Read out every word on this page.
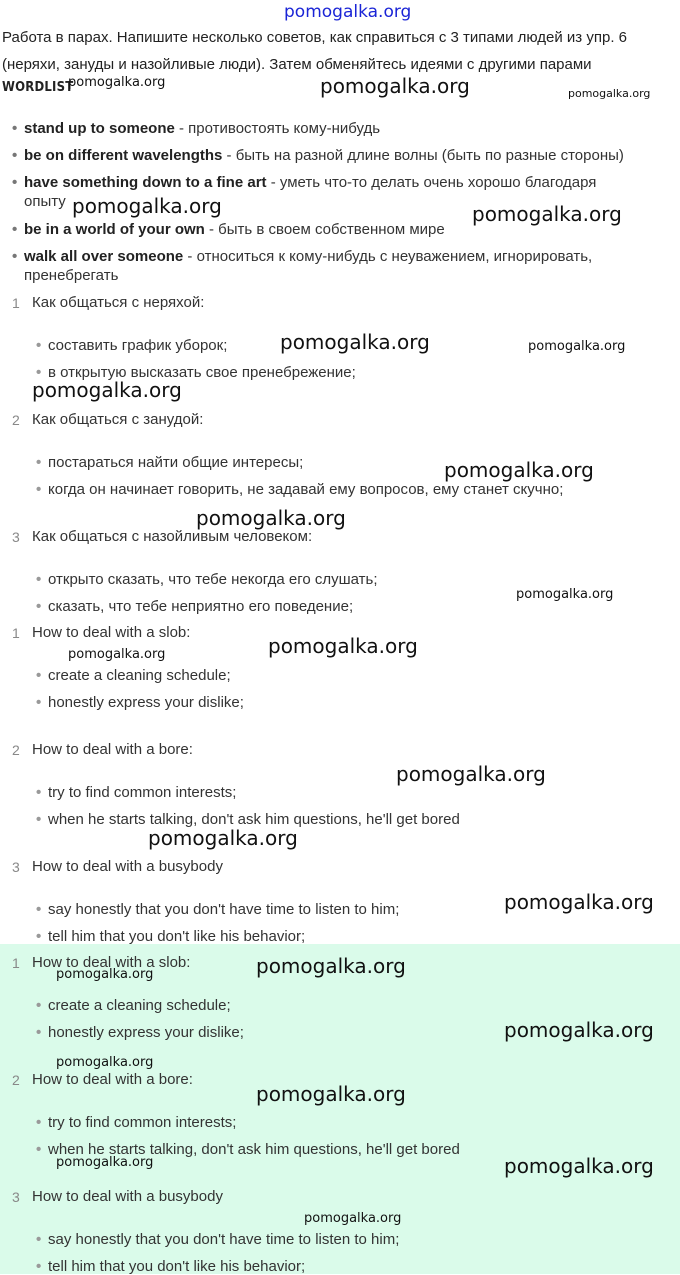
pomogalka.org
Работа в парах. Напишите несколько советов, как справиться с 3 типами людей из упр. 6
(неряхи, зануды и назойливые люди). Затем обменяйтесь идеями с другими парами
WORDLIST
• stand up to someone - противостоять кому-нибудь
• be on different wavelengths - быть на разной длине волны (быть по разные стороны)
• have something down to a fine art - уметь что-то делать очень хорошо благодаря
опыту
• be in a world of your own - быть в своем собственном мире
• walk all over someone - относиться к кому-нибудь с неуважением, игнорировать,
пренебрегать
1 Как общаться с неряхой:
• составить график уборок;
• в открытую высказать свое пренебрежение;
2 Как общаться с занудой:
• постараться найти общие интересы;
• когда он начинает говорить, не задавай ему вопросов, ему станет скучно;
3 Как общаться с назойливым человеком:
• открыто сказать, что тебе некогда его слушать;
• сказать, что тебе неприятно его поведение;
1 How to deal with a slob:
• create a cleaning schedule;
• honestly express your dislike;
2 How to deal with a bore:
• try to find common interests;
• when he starts talking, don't ask him questions, he'll get bored
3 How to deal with a busybody
• say honestly that you don't have time to listen to him;
• tell him that you don't like his behavior;
1 How to deal with a slob:
• create a cleaning schedule;
• honestly express your dislike;
2 How to deal with a bore:
• try to find common interests;
• when he starts talking, don't ask him questions, he'll get bored
3 How to deal with a busybody
• say honestly that you don't have time to listen to him;
• tell him that you don't like his behavior;
pomogalka.org	pomogalka.org	pomogalka.org
pomogalka.org	pomogalka.org
pomogalka.org	pomogalka.org
pomogalka.org
pomogalka.org
pomogalka.org
pomogalka.org
pomogalka.org
pomogalka.org
pomogalka.org
pomogalka.org
pomogalka.org
pomogalka.org
pomogalka.org
pomogalka.org
pomogalka.org
pomogalka.org
pomogalka.org	pomogalka.org
pomogalka.org
